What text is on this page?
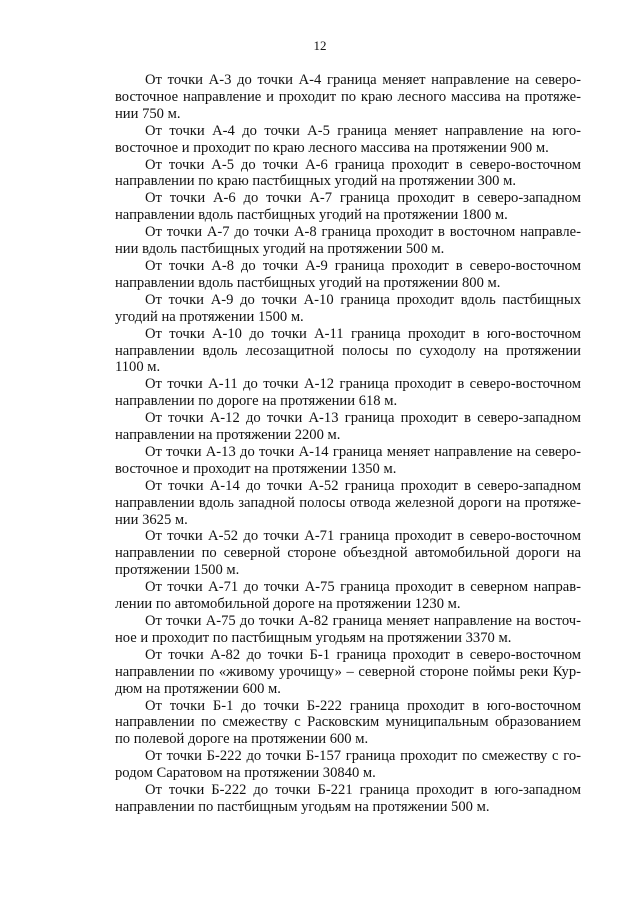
12

От точки А-3 до точки А-4 граница меняет направление на северо-восточное направление и проходит по краю лесного массива на протяжении 750 м.

От точки А-4 до точки А-5 граница меняет направление на юго-восточное и проходит по краю лесного массива на протяжении 900 м.

От точки А-5 до точки А-6 граница проходит в северо-восточном направлении по краю пастбищных угодий на протяжении 300 м.

От точки А-6 до точки А-7 граница проходит в северо-западном направлении вдоль пастбищных угодий на протяжении 1800 м.

От точки А-7 до точки А-8 граница проходит в восточном направлении вдоль пастбищных угодий на протяжении 500 м.

От точки А-8 до точки А-9 граница проходит в северо-восточном направлении вдоль пастбищных угодий на протяжении 800 м.

От точки А-9 до точки А-10 граница проходит вдоль пастбищных угодий на протяжении 1500 м.

От точки А-10 до точки А-11 граница проходит в юго-восточном направлении вдоль лесозащитной полосы по суходолу на протяжении 1100 м.

От точки А-11 до точки А-12 граница проходит в северо-восточном направлении по дороге на протяжении 618 м.

От точки А-12 до точки А-13 граница проходит в северо-западном направлении на протяжении 2200 м.

От точки А-13 до точки А-14 граница меняет направление на северо-восточное и проходит на протяжении 1350 м.

От точки А-14 до точки А-52 граница проходит в северо-западном направлении вдоль западной полосы отвода железной дороги на протяжении 3625 м.

От точки А-52 до точки А-71 граница проходит в северо-восточном направлении по северной стороне объездной автомобильной дороги на протяжении 1500 м.

От точки А-71 до точки А-75 граница проходит в северном направлении по автомобильной дороге на протяжении 1230 м.

От точки А-75 до точки А-82 граница меняет направление на восточное и проходит по пастбищным угодьям на протяжении 3370 м.

От точки А-82 до точки Б-1 граница проходит в северо-восточном направлении по «живому урочищу» – северной стороне поймы реки Курдюм на протяжении 600 м.

От точки Б-1 до точки Б-222 граница проходит в юго-восточном направлении по смежеству с Расковским муниципальным образованием по полевой дороге на протяжении 600 м.

От точки Б-222 до точки Б-157 граница проходит по смежеству с городом Саратовом на протяжении 30840 м.

От точки Б-222 до точки Б-221 граница проходит в юго-западном направлении по пастбищным угодьям на протяжении 500 м.
